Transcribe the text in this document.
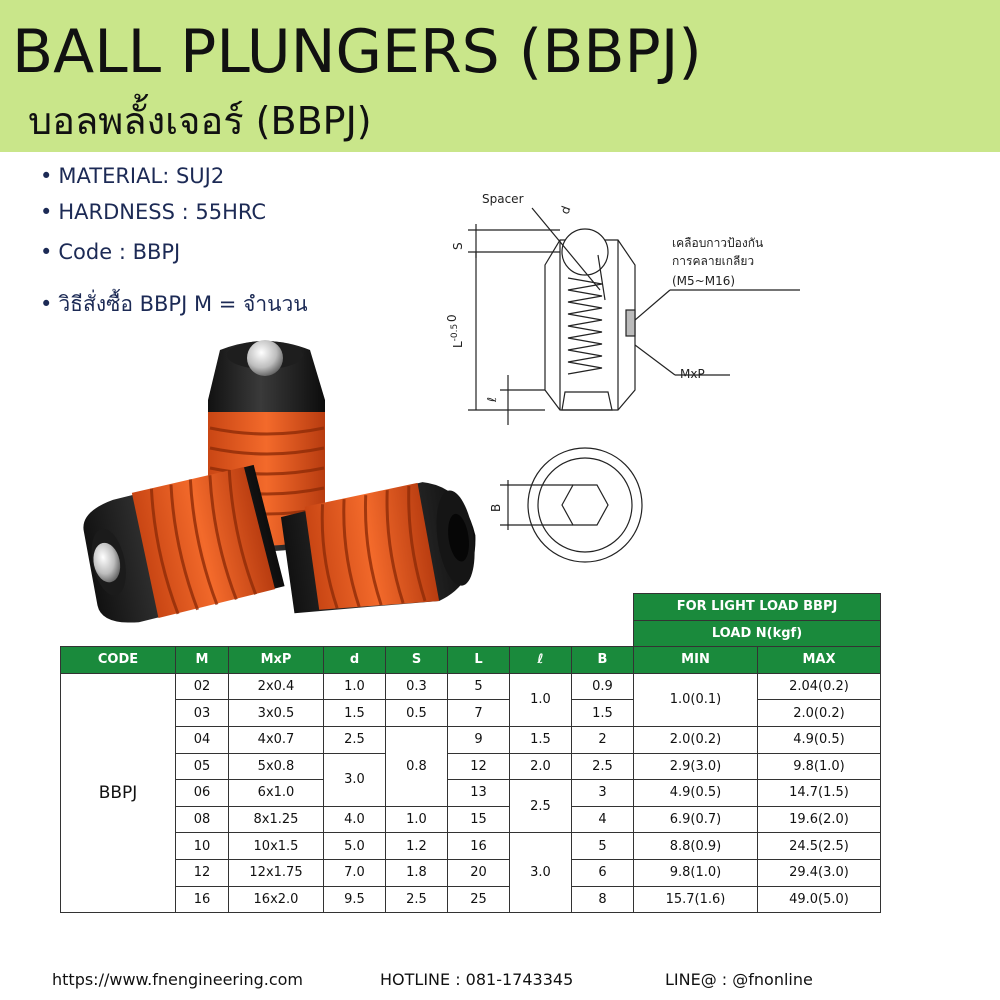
BALL PLUNGERS (BBPJ)
บอลพลั้งเจอร์ (BBPJ)
• MATERIAL: SUJ2
• HARDNESS : 55HRC
• Code : BBPJ
• วิธีสั่งซื้อ BBPJ M = จำนวน
Spacer
d
S
$L^{-0.5}$
0
ℓ
เคลือบกาวป้องกัน
การคลายเกลียว
(M5~M16)
MxP
B
								FOR LIGHT LOAD BBPJ	
								LOAD N(kgf)	
CODE	M	MxP	d	S	L	ℓ	B	MIN	MAX
BBPJ	02	2x0.4	1.0	0.3	5	1.0	0.9	1.0(0.1)	2.04(0.2)
	03	3x0.5	1.5	0.5	7		1.5		2.0(0.2)
	04	4x0.7	2.5	0.8	9	1.5	2	2.0(0.2)	4.9(0.5)
	05	5x0.8	3.0		12	2.0	2.5	2.9(3.0)	9.8(1.0)
	06	6x1.0			13	2.5	3	4.9(0.5)	14.7(1.5)
	08	8x1.25	4.0	1.0	15		4	6.9(0.7)	19.6(2.0)
	10	10x1.5	5.0	1.2	16	3.0	5	8.8(0.9)	24.5(2.5)
	12	12x1.75	7.0	1.8	20		6	9.8(1.0)	29.4(3.0)
	16	16x2.0	9.5	2.5	25		8	15.7(1.6)	49.0(5.0)
https://www.fnengineering.com	HOTLINE : 081-1743345	LINE@ : @fnonline
